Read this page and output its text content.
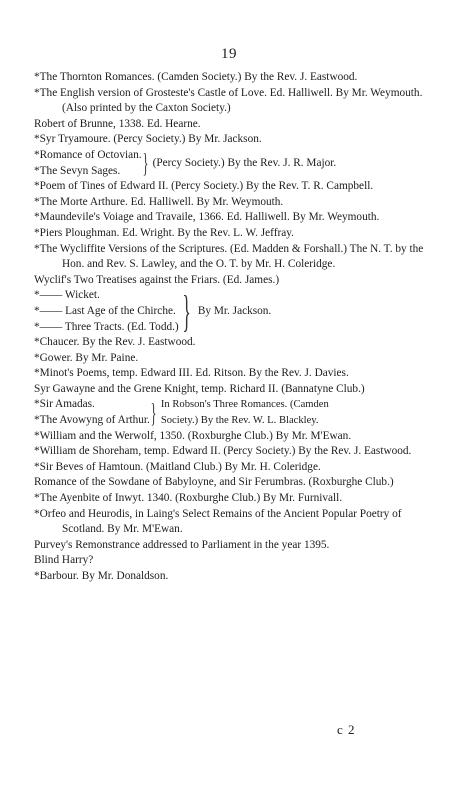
19
*The Thornton Romances. (Camden Society.) By the Rev. J. Eastwood.
*The English version of Grosteste's Castle of Love. Ed. Halliwell. By Mr. Weymouth. (Also printed by the Caxton Society.)
Robert of Brunne, 1338. Ed. Hearne.
*Syr Tryamoure. (Percy Society.) By Mr. Jackson.
*Romance of Octovian.
*The Sevyn Sages. } (Percy Society.) By the Rev. J. R. Major.
*Poem of Tines of Edward II. (Percy Society.) By the Rev. T. R. Campbell.
*The Morte Arthure. Ed. Halliwell. By Mr. Weymouth.
*Maundevile's Voiage and Travaile, 1366. Ed. Halliwell. By Mr. Weymouth.
*Piers Ploughman. Ed. Wright. By the Rev. L. W. Jeffray.
*The Wycliffite Versions of the Scriptures. (Ed. Madden & Forshall.) The N. T. by the Hon. and Rev. S. Lawley, and the O. T. by Mr. H. Coleridge.
Wyclif's Two Treatises against the Friars. (Ed. James.)
*—— Wicket.
*—— Last Age of the Chirche.
*—— Three Tracts. (Ed. Todd.) } By Mr. Jackson.
*Chaucer. By the Rev. J. Eastwood.
*Gower. By Mr. Paine.
*Minot's Poems, temp. Edward III. Ed. Ritson. By the Rev. J. Davies.
Syr Gawayne and the Grene Knight, temp. Richard II. (Bannatyne Club.)
*Sir Amadas.
*The Avowyng of Arthur. } In Robson's Three Romances. (Camden
Society.) By the Rev. W. L. Blackley.
*William and the Werwolf, 1350. (Roxburghe Club.) By Mr. M'Ewan.
*William de Shoreham, temp. Edward II. (Percy Society.) By the Rev. J. Eastwood.
*Sir Beves of Hamtoun. (Maitland Club.) By Mr. H. Coleridge.
Romance of the Sowdane of Babyloyne, and Sir Ferumbras. (Roxburghe Club.)
*The Ayenbite of Inwyt. 1340. (Roxburghe Club.) By Mr. Furnivall.
*Orfeo and Heurodis, in Laing's Select Remains of the Ancient Popular Poetry of Scotland. By Mr. M'Ewan.
Purvey's Remonstrance addressed to Parliament in the year 1395.
Blind Harry?
*Barbour. By Mr. Donaldson.
c 2
